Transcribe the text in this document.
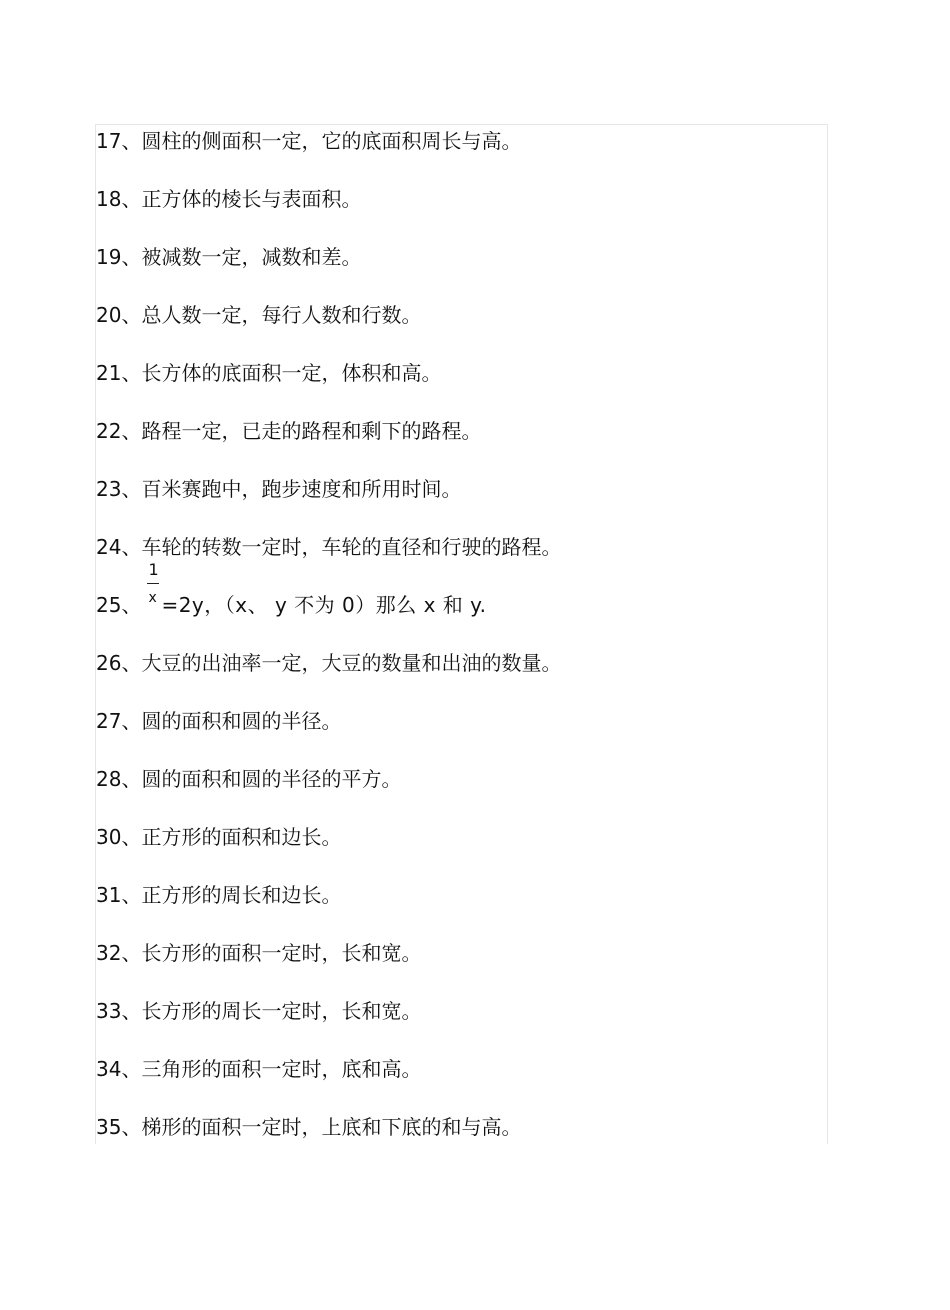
17、圆柱的侧面积一定，它的底面积周长与高。
18、正方体的棱长与表面积。
19、被减数一定，减数和差。
20、总人数一定，每行人数和行数。
21、长方体的底面积一定，体积和高。
22、路程一定，已走的路程和剩下的路程。
23、百米赛跑中，跑步速度和所用时间。
24、车轮的转数一定时，车轮的直径和行驶的路程。
25、 $\frac{1}{x} =2y$，（x、 y 不为 0）那么 x 和 y.
26、大豆的出油率一定，大豆的数量和出油的数量。
27、圆的面积和圆的半径。
28、圆的面积和圆的半径的平方。
30、正方形的面积和边长。
31、正方形的周长和边长。
32、长方形的面积一定时，长和宽。
33、长方形的周长一定时，长和宽。
34、三角形的面积一定时，底和高。
35、梯形的面积一定时，上底和下底的和与高。
